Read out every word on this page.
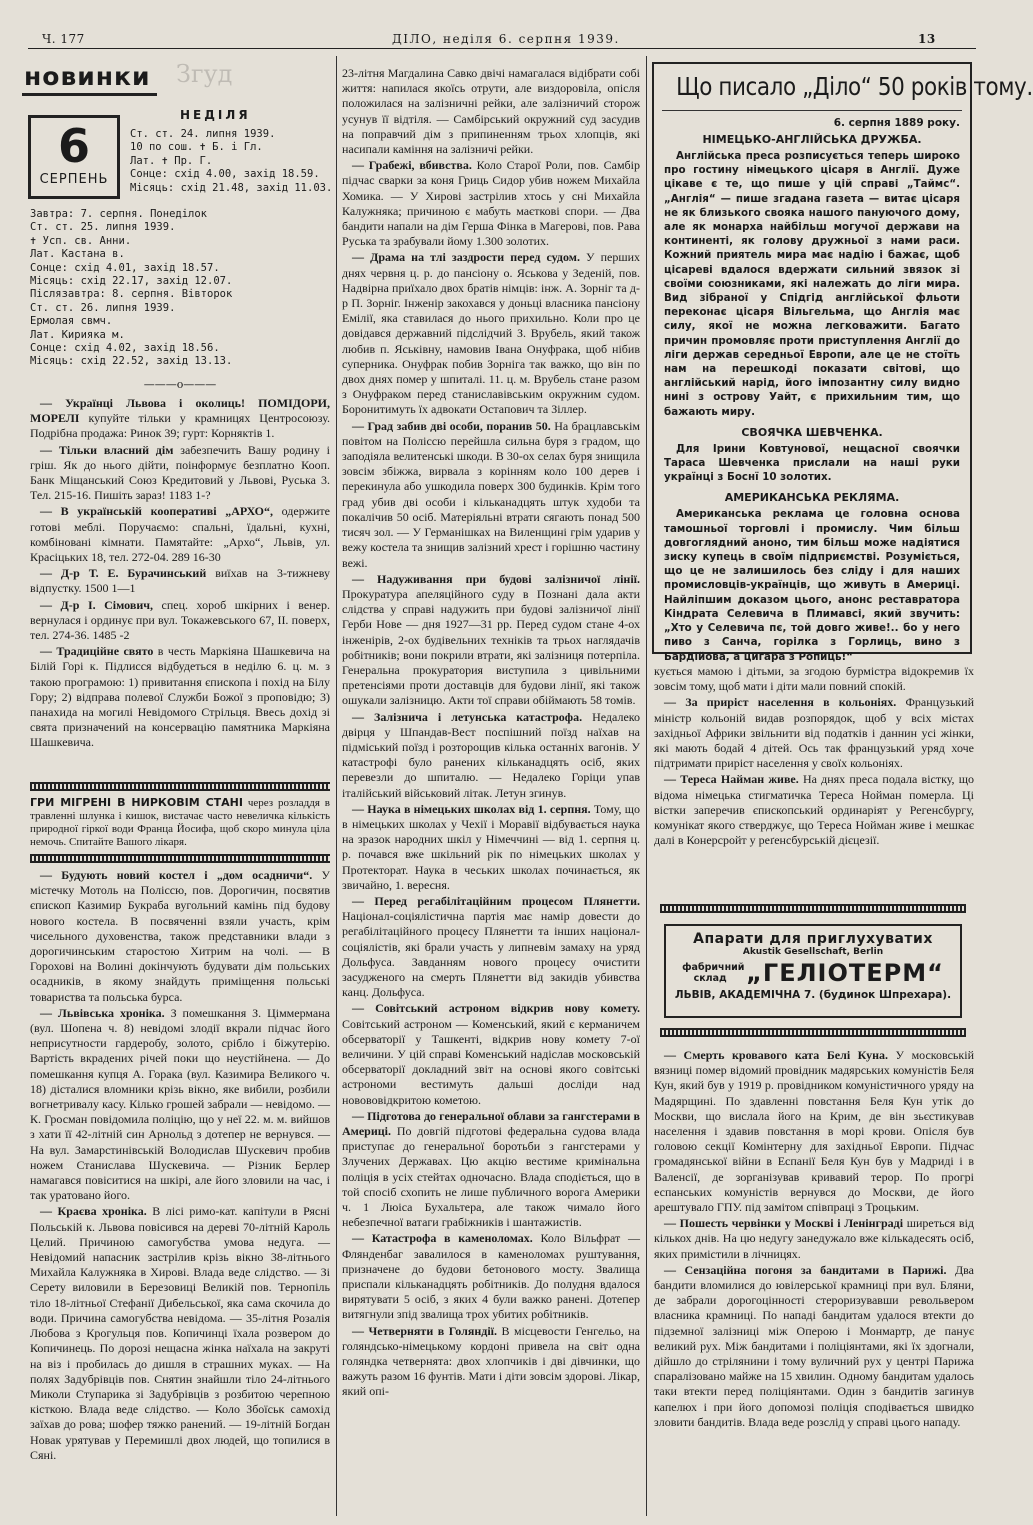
Ч. 177	ДІЛО, неділя 6. серпня 1939.	13
новинки Згуд
НЕДІЛЯ
6
СЕРПЕНЬ
Ст. ст. 24. липня 1939.
10 по сош. ✝ Б. і Гл.
Лат. ✝ Пр. Г.
Сонце: схід 4.00, захід 18.59.
Місяць: схід 21.48, захід 11.03.
Завтра: 7. серпня. Понеділок
Ст. ст. 25. липня 1939.
✝ Усп. св. Анни.
Лат. Кастана в.
Сонце: схід 4.01, захід 18.57.
Місяць: схід 22.17, захід 12.07.
Післязавтра: 8. серпня. Вівторок
Ст. ст. 26. липня 1939.
Ермолая свмч.
Лат. Кирияка м.
Сонце: схід 4.02, захід 18.56.
Місяць: схід 22.52, захід 13.13.
———o———

— Українці Львова і околиць! ПОМІДОРИ, МОРЕЛІ купуйте тільки у крамницях Центросоюзу. Подрібна продажа: Ринок 39; гурт: Корняктів 1.

— Тільки власний дім забезпечить Вашу родину і гріш. Як до нього дійти, поінформує безплатно Кооп. Банк Міщанський Союз Кредитовий у Львові, Руська 3. Тел. 215-16. Пишіть зараз! 1183 1-?

— В українській кооперативі „АРХО“, одержите готові меблі. Поручаємо: спальні, їдальні, кухні, комбіновані кімнати. Памятайте: „Архо“, Львів, ул. Красіцьких 18, тел. 272-04. 289 16-30

— Д-р Т. Е. Бурачинський виїхав на 3-тижневу відпустку. 1500 1—1

— Д-р І. Сімович, спец. хороб шкірних і венер. вернулася і ординує при вул. Токажевського 67, II. поверх, тел. 274-36. 1485 -2

— Традиційне свято в честь Маркіяна Шашкевича на Білій Горі к. Підлисся відбудеться в неділю 6. ц. м. з такою програмою: 1) привитання єпископа і похід на Білу Гору; 2) відправа полевої Служби Божої з проповідю; 3) панахида на могилі Невідомого Стрільця. Ввесь дохід зі свята призначений на консервацію памятника Маркіяна Шашкевича.

ГРИ МІГРЕНІ В НИРКОВІМ СТАНІ через розладдя в травленні шлунка і кишок, вистачає часто невеличка кількість природної гіркої води Франца Йосифа, щоб скоро минула ціла немочь. Спитайте Вашого лікаря.

— Будують новий костел і „дом осадничи“. У містечку Мотоль на Поліссю, пов. Дорогичин, посвятив єпископ Казимир Букраба вугольний камінь під будову нового костела. В посвяченні взяли участь, крім чисельного духовенства, також представники влади з дорогичинським старостою Хитрим на чолі. — В Горохові на Волині докінчують будувати дім польських осадників, в якому знайдуть приміщення польські товариства та польська бурса.

— Львівська хроніка. З помешкання З. Ціммермана (вул. Шопена ч. 8) невідомі злодії вкрали підчас його неприсутности гардеробу, золото, срібло і біжутерію. Вартість вкрадених річей поки що неустійнена. — До помешкання купця А. Горака (вул. Казимира Великого ч. 18) дісталися вломники крізь вікно, яке вибили, розбили вогнетривалу касу. Кілько грошей забрали — невідомо. — К. Гросман повідомила поліцію, що у неї 22. м. м. вийшов з хати її 42-літній син Арнольд з дотепер не вернувся. — На вул. Замарстинівській Володислав Шускевич пробив ножем Станислава Шускевича. — Різник Берлер намагався повіситися на шкірі, але його зловили на час, і так уратовано його.

— Краєва хроніка. В лісі римо-кат. капітули в Рясні Польській к. Львова повісився на дереві 70-літній Кароль Целий. Причиною самогубства умова недуга. — Невідомий напасник застрілив крізь вікно 38-літнього Михайла Калужняка в Хирові. Влада веде слідство. — Зі Серету виловили в Березовиці Великій пов. Тернопіль тіло 18-літньої Стефанії Дибельської, яка сама скочила до води. Причина самогубства невідома. — 35-літня Розалія Любова з Крогульця пов. Копичинці їхала розвером до Копичинець. По дорозі нещасна жінка наїхала на закруті на віз і пробилась до дишля в страшних муках. — На полях Задубрівців пов. Снятин знайшли тіло 24-літнього Миколи Ступарика зі Задубрівців з розбитою черепною кісткою. Влада веде слідство. — Коло Збоїськ самохід заїхав до рова; шофер тяжко ранений. — 19-літній Богдан Новак урятував у Перемишлі двох людей, що топилися в Сяні.

23-літня Магдалина Савко двічі намагалася відібрати собі життя: напилася якоїсь отрути, але виздоровіла, опісля положилася на залізничні рейки, але залізничий сторож усунув її відтіля. — Самбірський окружний суд засудив на поправчий дім з припиненням трьох хлопців, які насипали каміння на залізничі рейки.

— Грабежі, вбивства. Коло Старої Роли, пов. Самбір підчас сварки за коня Гриць Сидор убив ножем Михайла Хомика. — У Хирові застрілив хтось у сні Михайла Калужняка; причиною є мабуть маєткові спори. — Два бандити напали на дім Герша Фінка в Магерові, пов. Рава Руська та зрабували йому 1.300 золотих.

— Драма на тлі заздрости перед судом. У перших днях червня ц. р. до пансіону о. Яськова у Зеденій, пов. Надвірна приїхало двох братів німців: інж. А. Зорніг та д-р П. Зорніг. Інженір закохався у доньці власника пансіону Емілії, яка ставилася до нього прихильно. Коли про це довідався державний підслідчий З. Врубель, який також любив п. Яськівну, намовив Івана Онуфрака, щоб нібив суперника. Онуфрак побив Зорніга так важко, що він по двох днях помер у шпиталі. 11. ц. м. Врубель стане разом з Онуфраком перед станиславівським окружним судом. Боронитимуть їх адвокати Остапович та Зіллер.

— Град забив дві особи, поранив 50. На брацлавськім повітом на Поліссю перейшла сильна буря з градом, що заподіяла велитенські шкоди. В 30-ох селах буря знищила зовсім збіжжа, вирвала з корінням коло 100 дерев і перекинула або ушкодила поверх 300 будинків. Крім того град убив дві особи і кільканадцять штук худоби та покалічив 50 осіб. Матеріяльні втрати сягають понад 500 тисяч зол. — У Германішках на Виленщині грім ударив у вежу костела та знищив залізний хрест і горішню частину вежі.

— Надуживання при будові залізничої лінії. Прокуратура апеляційного суду в Познані дала акти слідства у справі надужить при будові залізничої лінії Герби Нове — дня 1927—31 рр. Перед судом стане 4-ох інженірів, 2-ох будівельних техніків та трьох наглядачів робітників; вони покрили втрати, які залізниця потерпіла. Генеральна прокуратория виступила з цивільними претенсіями проти доставців для будови лінії, які також ошукали залізницю. Акти тої справи обіймають 58 томів.

— Залізнича і летунська катастрофа. Недалеко двірця у Шпандав-Вест поспішний поїзд наїхав на підміський поїзд і розторощив кілька останніх вагонів. У катастрофі було ранених кільканадцять осіб, яких перевезли до шпиталю. — Недалеко Горіци упав італійський військовий літак. Летун згинув.

— Наука в німецьких школах від 1. серпня. Тому, що в німецьких школах у Чехії і Моравії відбувається наука на зразок народних шкіл у Німеччині — від 1. серпня ц. р. почався вже шкільний рік по німецьких школах у Протекторат. Наука в чеських школах починається, як звичайно, 1. вересня.

— Перед регабілітаційним процесом Плянетти. Націонал-соціялістична партія має намір довести до регабілітаційного процесу Плянетти та інших націонал-соціялістів, які брали участь у липневім замаху на уряд Дольфуса. Завданням нового процесу очистити засудженого на смерть Плянетти від закидів убивства канц. Дольфуса.

— Совітський астроном відкрив нову комету. Совітський астроном — Коменський, який є керманичем обсерваторії у Ташкенті, відкрив нову комету 7-ої величини. У цій справі Коменський надіслав московській обсерваторії докладний звіт на основі якого совітські астрономи вестимуть дальші досліди над новововідкритою кометою.

— Підготова до генеральної облави за гангстерами в Америці. По довгій підготові федеральна судова влада приступає до генеральної боротьби з гангстерами у Злучених Державах. Цю акцію вестиме кримінальна поліція в усіх стейтах одночасно. Влада сподіється, що в той спосіб схопить не лише публичного ворога Америки ч. 1 Люіса Бухальтера, але також чимало його небезпечної ватаги грабіжників і шантажистів.

— Катастрофа в каменоломах. Коло Вільфрат — Флянденбаг завалилося в каменоломах руштування, призначене до будови бетонового мосту. Звалища приспали кільканадцять робітників. До полудня вдалося вирятувати 5 осіб, з яких 4 були важко ранені. Дотепер витягнули зпід звалища трох убитих робітників.

— Четверняти в Голяндії. В місцевости Генгельо, на голяндсько-німецькому кордоні привела на світ одна голяндка четвернята: двох хлопчиків і дві дівчинки, що важуть разом 16 фунтів. Мати і діти зовсім здорові. Лікар, який опі-

Що писало „Діло“ 50 років тому.
6. серпня 1889 року.
НІМЕЦЬКО-АНГЛІЙСЬКА ДРУЖБА.
Англійська преса розписується теперь широко про гостину німецького цісаря в Англії. Дуже цікаве є те, що пише у цій справі „Таймс“. „Англія“ — пише згадана газета — витає цісаря не як близького свояка нашого пануючого дому, але як монарха найбільш могучої держави на континенті, як голову дружньої з нами раси. Кожний приятель мира має надію і бажає, щоб цісареві вдалося вдержати сильний звязок зі своїми союзниками, які належать до ліги мира. Вид зібраної у Спідгід англійської фльоти переконає цісаря Вільгельма, що Англія має силу, якої не можна легковажити. Багато причин промовляє проти приступлення Англії до ліги держав середньої Европи, але це не стоїть нам на перешкоді показати світові, що англійський нарід, його імпозантну силу видно нині з острову Уайт, є прихильним тим, що бажають миру.
СВОЯЧКА ШЕВЧЕНКА.
Для Ірини Ковтунової, нещасної своячки Тараса Шевченка прислали на наші руки українці з Боснї 10 золотих.
АМЕРИКАНСЬКА РЕКЛЯМА.
Американська реклама це головна основа тамошньої торговлі і промислу. Чим більш довгоглядний аноно, тим більш може надіятися зиску купець в своїм підприємстві. Розуміється, що це не залишилось без сліду і для наших промисловців-українців, що живуть в Америці. Найліпшим доказом цього, анонс реставратора Кіндрата Селевича в Плимавсі, який звучить: „Хто у Селевича пє, той довго живе!.. бо у него пиво з Санча, горілка з Горлиць, вино з Бардійова, а цигара з Ропиць!“

кується мамою і дітьми, за згодою бурмістра відокремив їх зовсім тому, щоб мати і діти мали повний спокій.

— За приріст населення в кольоніях. Французький міністр кольоній видав розпорядок, щоб у всіх містах західньої Африки звільнити від податків і даннин усі жінки, які мають бодай 4 дітей. Ось так французький уряд хоче підтримати приріст населення у своїх кольоніях.

— Тереса Найман живе. На днях преса подала вістку, що відома німецька стигматичка Тереса Нойман померла. Ці вістки заперечив єпископський ординаріят у Регенсбургу, комунікат якого стверджує, що Тереса Нойман живе і мешкає далі в Конерсройт у реґенсбурській дієцезії.

Апарати для приглухуватих
Akustik Gesellschaft, Berlin
фабричний склад „ГЕЛІОТЕРМ“
ЛЬВІВ, АКАДЕМІЧНА 7. (будинок Шпрехара).

— Смерть кровавого ката Белі Куна. У московській вязниці помер відомий провідник мадярських комуністів Беля Кун, який був у 1919 р. провідником комуністичного уряду на Мадярщині. По здавленні повстання Беля Кун утік до Москви, що вислала його на Крим, де він зьєстикував населення і здавив повстання в морі крови. Опісля був головою секції Комінтерну для західньої Европи. Підчас громадянської війни в Еспанії Беля Кун був у Мадриді і в Валенсії, де зорганізував кривавий терор. По прогрі еспанських комуністів вернувся до Москви, де його арештувало ГПУ. під замітом співпраці з Троцьким.

— Пошесть червінки у Москві і Ленінграді ширеться від кількох днів. На цю недугу занедужало вже кількадесять осіб, яких примістили в лічницях.

— Сензаційна погоня за бандитами в Парижі. Два бандити вломилися до ювілерської крамниці при вул. Бляни, де забрали дорогоцінності стероризувавши револьвером власника крамниці. По нападі бандитам удалося втекти до підземної залізниці між Оперою і Монмартр, де панує великий рух. Між бандитами і поліціянтами, які їх здогнали, дійшло до стрілянини і тому вуличний рух у центрі Парижа спаралізовано майже на 15 хвилин. Одному бандитам удалось таки втекти перед поліціянтами. Один з бандитів загинув капелюх і при його допомозі поліція сподівається швидко зловити бандитів. Влада веде розслід у справі цього нападу.
